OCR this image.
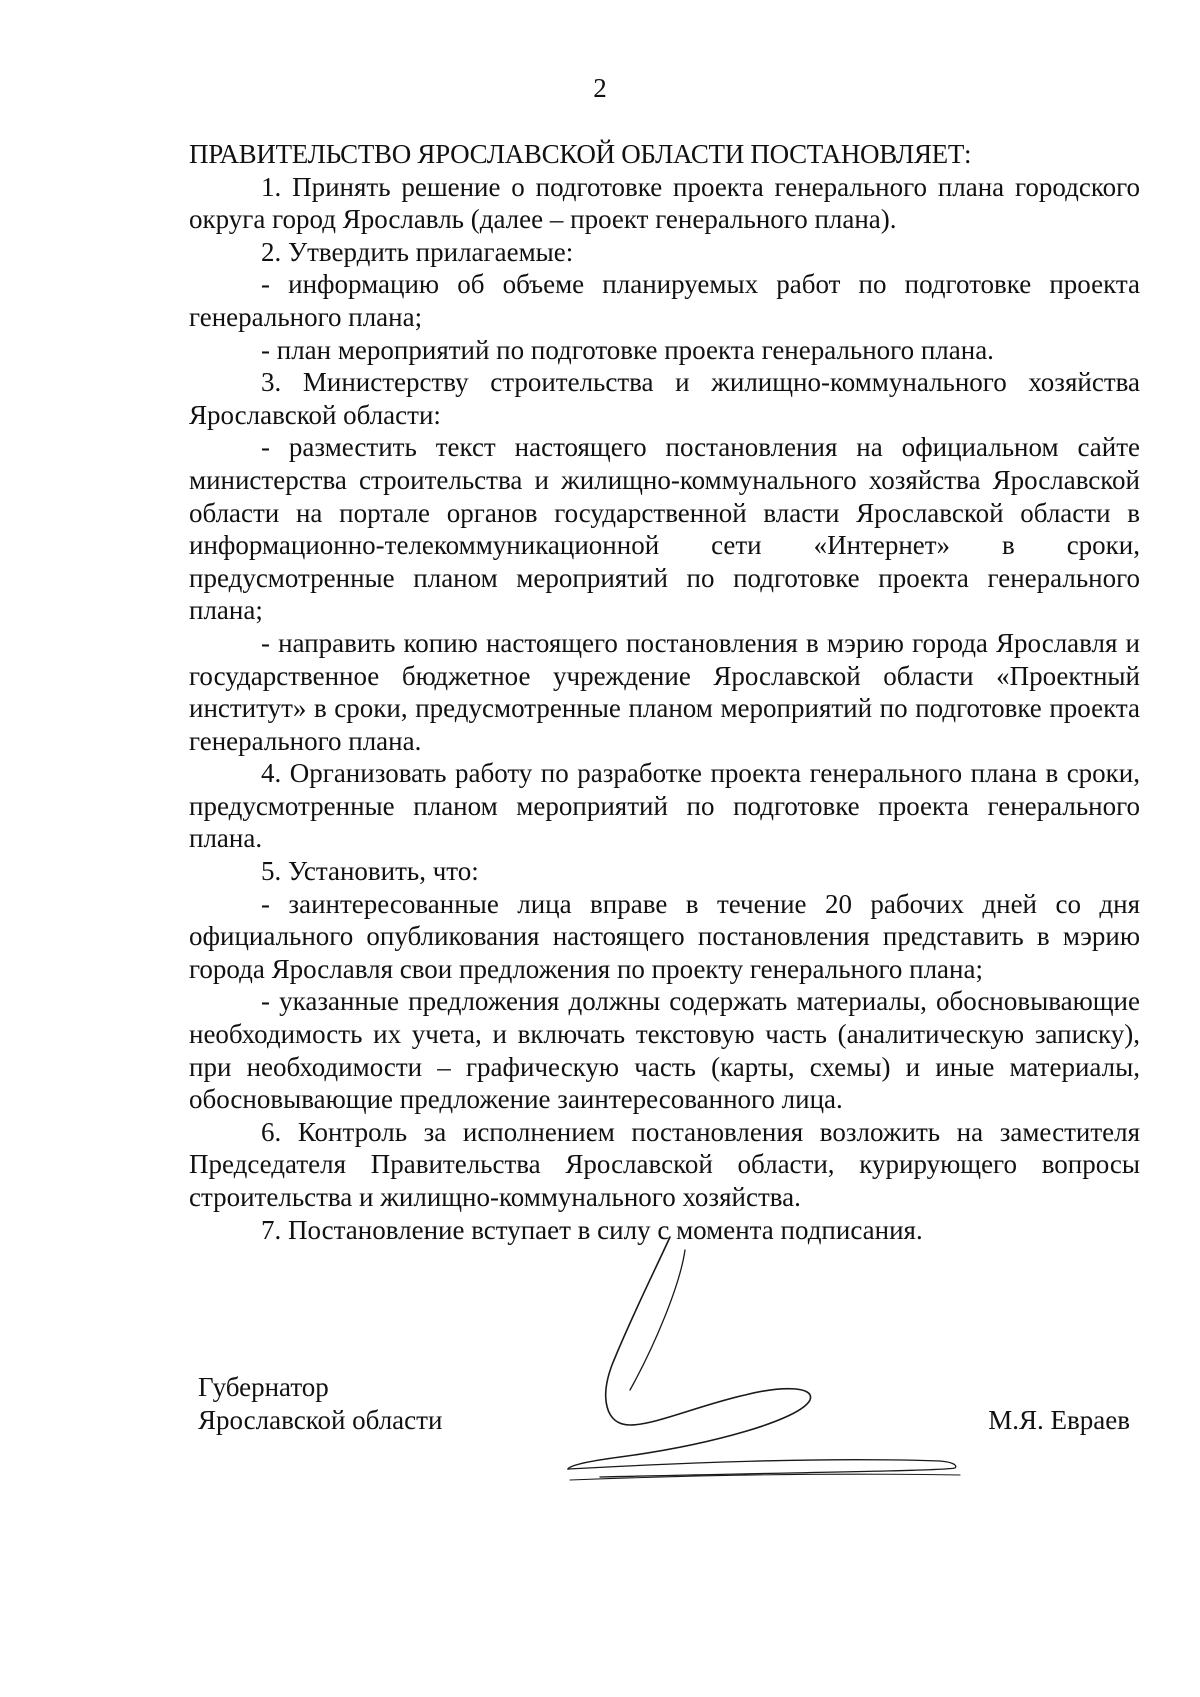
2

ПРАВИТЕЛЬСТВО ЯРОСЛАВСКОЙ ОБЛАСТИ ПОСТАНОВЛЯЕТ:

1. Принять решение о подготовке проекта генерального плана городского округа город Ярославль (далее – проект генерального плана).

2. Утвердить прилагаемые:

- информацию об объеме планируемых работ по подготовке проекта генерального плана;

- план мероприятий по подготовке проекта генерального плана.

3. Министерству строительства и жилищно-коммунального хозяйства Ярославской области:

- разместить текст настоящего постановления на официальном сайте министерства строительства и жилищно-коммунального хозяйства Ярославской области на портале органов государственной власти Ярославской области в информационно-телекоммуникационной сети «Интернет» в сроки, предусмотренные планом мероприятий по подготовке проекта генерального плана;

- направить копию настоящего постановления в мэрию города Ярославля и государственное бюджетное учреждение Ярославской области «Проектный институт» в сроки, предусмотренные планом мероприятий по подготовке проекта генерального плана.

4. Организовать работу по разработке проекта генерального плана в сроки, предусмотренные планом мероприятий по подготовке проекта генерального плана.

5. Установить, что:

- заинтересованные лица вправе в течение 20 рабочих дней со дня официального опубликования настоящего постановления представить в мэрию города Ярославля свои предложения по проекту генерального плана;

- указанные предложения должны содержать материалы, обосновывающие необходимость их учета, и включать текстовую часть (аналитическую записку), при необходимости – графическую часть (карты, схемы) и иные материалы, обосновывающие предложение заинтересованного лица.

6. Контроль за исполнением постановления возложить на заместителя Председателя Правительства Ярославской области, курирующего вопросы строительства и жилищно-коммунального хозяйства.

7. Постановление вступает в силу с момента подписания.

Губернатор
Ярославской области	М.Я. Евраев
